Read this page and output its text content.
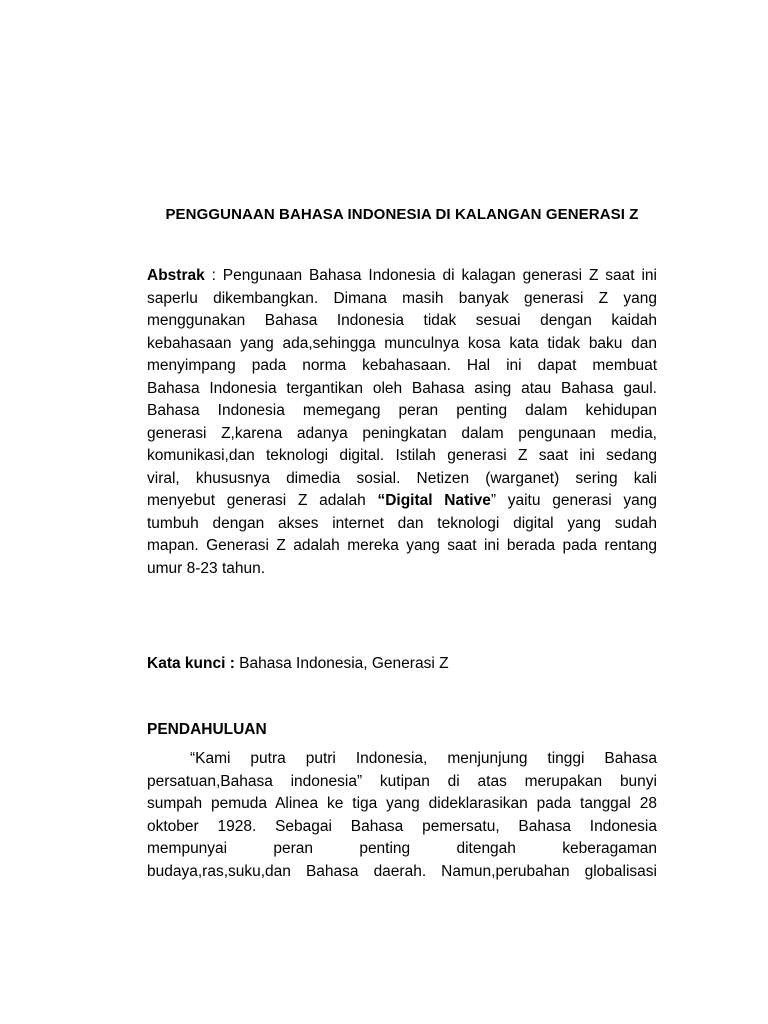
PENGGUNAAN BAHASA INDONESIA DI KALANGAN GENERASI Z
Abstrak : Pengunaan Bahasa Indonesia di kalagan generasi Z saat ini
saperlu dikembangkan. Dimana masih banyak generasi Z yang
menggunakan Bahasa Indonesia tidak sesuai dengan kaidah
kebahasaan yang ada,sehingga munculnya kosa kata tidak baku dan
menyimpang pada norma kebahasaan. Hal ini dapat membuat
Bahasa Indonesia tergantikan oleh Bahasa asing atau Bahasa gaul.
Bahasa Indonesia memegang peran penting dalam kehidupan
generasi Z,karena adanya peningkatan dalam pengunaan media,
komunikasi,dan teknologi digital. Istilah generasi Z saat ini sedang
viral, khususnya dimedia sosial. Netizen (warganet) sering kali
menyebut generasi Z adalah “Digital Native” yaitu generasi yang
tumbuh dengan akses internet dan teknologi digital yang sudah
mapan. Generasi Z adalah mereka yang saat ini berada pada rentang
umur 8-23 tahun.
Kata kunci : Bahasa Indonesia, Generasi Z
PENDAHULUAN
“Kami putra putri Indonesia, menjunjung tinggi Bahasa
persatuan,Bahasa indonesia” kutipan di atas merupakan bunyi
sumpah pemuda Alinea ke tiga yang dideklarasikan pada tanggal 28
oktober 1928. Sebagai Bahasa pemersatu, Bahasa Indonesia
mempunyai peran penting ditengah keberagaman
budaya,ras,suku,dan Bahasa daerah. Namun,perubahan globalisasi
